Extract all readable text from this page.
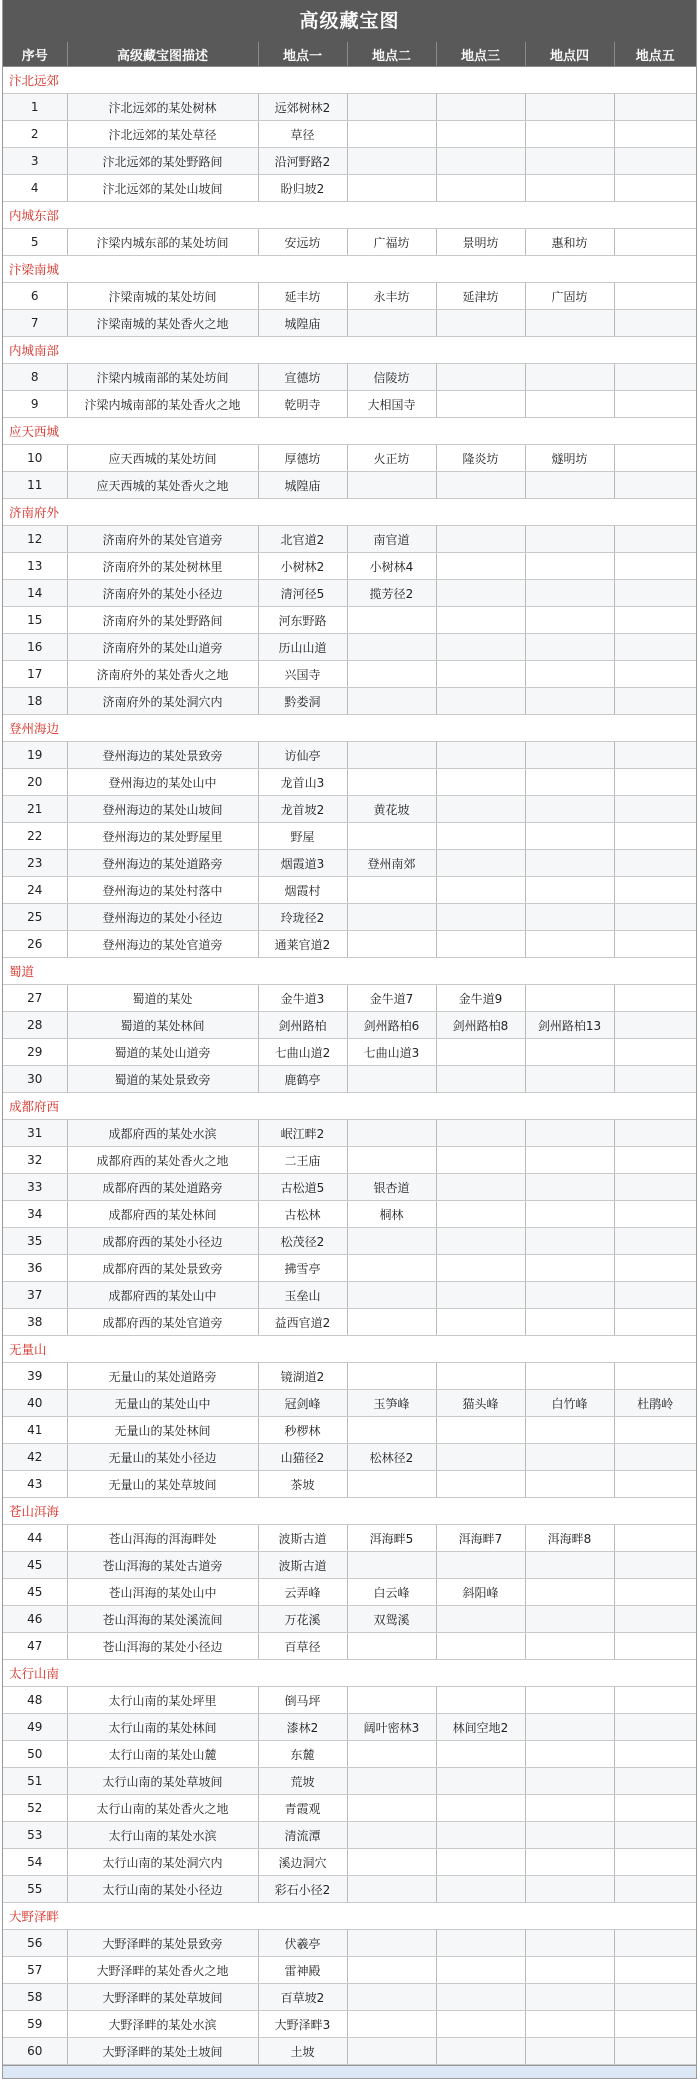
高级藏宝图
序号	高级藏宝图描述	地点一	地点二	地点三	地点四	地点五
汴北远郊						
1	汴北远郊的某处树林	远郊树林2				
2	汴北远郊的某处草径	草径				
3	汴北远郊的某处野路间	沿河野路2				
4	汴北远郊的某处山坡间	盼归坡2				
内城东部						
5	汴梁内城东部的某处坊间	安远坊	广福坊	景明坊	惠和坊	
汴梁南城						
6	汴梁南城的某处坊间	延丰坊	永丰坊	延津坊	广固坊	
7	汴梁南城的某处香火之地	城隍庙				
内城南部						
8	汴梁内城南部的某处坊间	宣德坊	信陵坊			
9	汴梁内城南部的某处香火之地	乾明寺	大相国寺			
应天西城						
10	应天西城的某处坊间	厚德坊	火正坊	隆炎坊	燧明坊	
11	应天西城的某处香火之地	城隍庙				
济南府外						
12	济南府外的某处官道旁	北官道2	南官道			
13	济南府外的某处树林里	小树林2	小树林4			
14	济南府外的某处小径边	清河径5	揽芳径2			
15	济南府外的某处野路间	河东野路				
16	济南府外的某处山道旁	历山山道				
17	济南府外的某处香火之地	兴国寺				
18	济南府外的某处洞穴内	黔娄洞				
登州海边						
19	登州海边的某处景致旁	访仙亭				
20	登州海边的某处山中	龙首山3				
21	登州海边的某处山坡间	龙首坡2	黄花坡			
22	登州海边的某处野屋里	野屋				
23	登州海边的某处道路旁	烟霞道3	登州南郊			
24	登州海边的某处村落中	烟霞村				
25	登州海边的某处小径边	玲珑径2				
26	登州海边的某处官道旁	通莱官道2				
蜀道						
27	蜀道的某处	金牛道3	金牛道7	金牛道9		
28	蜀道的某处林间	剑州路柏	剑州路柏6	剑州路柏8	剑州路柏13	
29	蜀道的某处山道旁	七曲山道2	七曲山道3			
30	蜀道的某处景致旁	鹿鹤亭				
成都府西						
31	成都府西的某处水滨	岷江畔2				
32	成都府西的某处香火之地	二王庙				
33	成都府西的某处道路旁	古松道5	银杏道			
34	成都府西的某处林间	古松林	桐林			
35	成都府西的某处小径边	松茂径2				
36	成都府西的某处景致旁	拂雪亭				
37	成都府西的某处山中	玉垒山				
38	成都府西的某处官道旁	益西官道2				
无量山						
39	无量山的某处道路旁	镜湖道2				
40	无量山的某处山中	冠剑峰	玉笋峰	猫头峰	白竹峰	杜鹃岭
41	无量山的某处林间	秒椤林				
42	无量山的某处小径边	山猫径2	松林径2			
43	无量山的某处草坡间	茶坡				
苍山洱海						
44	苍山洱海的洱海畔处	波斯古道	洱海畔5	洱海畔7	洱海畔8	
45	苍山洱海的某处古道旁	波斯古道				
45	苍山洱海的某处山中	云弄峰	白云峰	斜阳峰		
46	苍山洱海的某处溪流间	万花溪	双鸳溪			
47	苍山洱海的某处小径边	百草径				
太行山南						
48	太行山南的某处坪里	倒马坪				
49	太行山南的某处林间	漆林2	阔叶密林3	林间空地2		
50	太行山南的某处山麓	东麓				
51	太行山南的某处草坡间	荒坡				
52	太行山南的某处香火之地	青霞观				
53	太行山南的某处水滨	清流潭				
54	太行山南的某处洞穴内	溪边洞穴				
55	太行山南的某处小径边	彩石小径2				
大野泽畔						
56	大野泽畔的某处景致旁	伏羲亭				
57	大野泽畔的某处香火之地	雷神殿				
58	大野泽畔的某处草坡间	百草坡2				
59	大野泽畔的某处水滨	大野泽畔3				
60	大野泽畔的某处土坡间	土坡				
